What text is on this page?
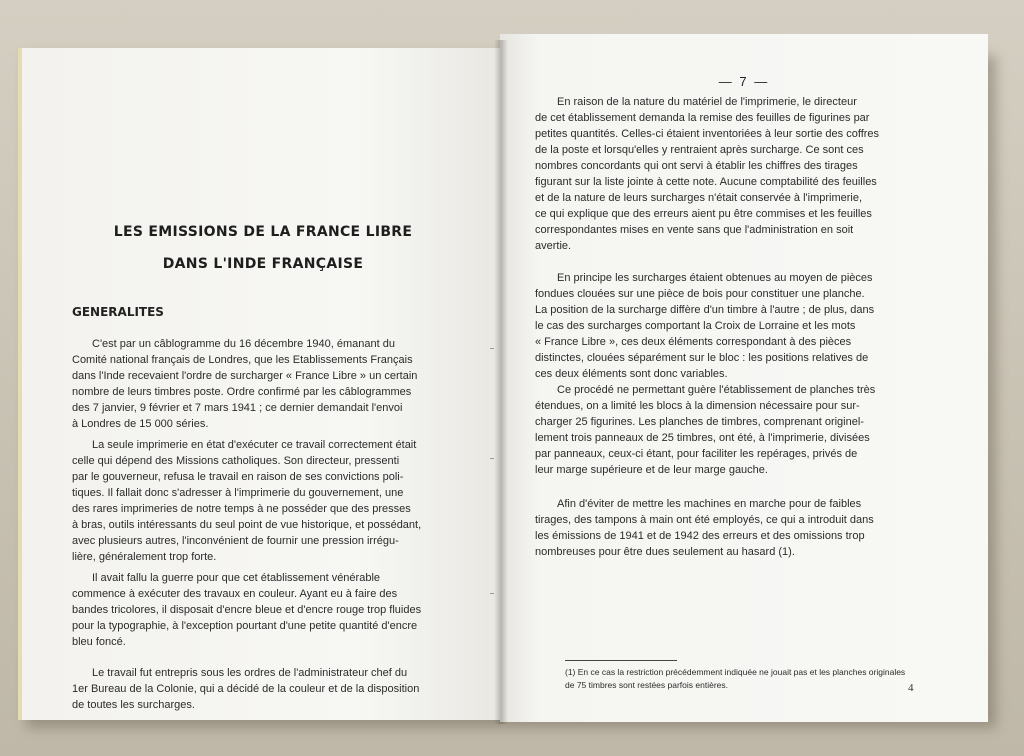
LES EMISSIONS DE LA FRANCE LIBRE
DANS L'INDE FRANÇAISE
GENERALITES

C'est par un câblogramme du 16 décembre 1940, émanant du
Comité national français de Londres, que les Etablissements Français
dans l'Inde recevaient l'ordre de surcharger « France Libre » un certain
nombre de leurs timbres poste. Ordre confirmé par les câblogrammes
des 7 janvier, 9 février et 7 mars 1941 ; ce dernier demandait l'envoi
à Londres de 15 000 séries.

La seule imprimerie en état d'exécuter ce travail correctement était
celle qui dépend des Missions catholiques. Son directeur, pressenti
par le gouverneur, refusa le travail en raison de ses convictions poli-
tiques. Il fallait donc s'adresser à l'imprimerie du gouvernement, une
des rares imprimeries de notre temps à ne posséder que des presses
à bras, outils intéressants du seul point de vue historique, et possédant,
avec plusieurs autres, l'inconvénient de fournir une pression irrégu-
lière, généralement trop forte.

Il avait fallu la guerre pour que cet établissement vénérable
commence à exécuter des travaux en couleur. Ayant eu à faire des
bandes tricolores, il disposait d'encre bleue et d'encre rouge trop fluides
pour la typographie, à l'exception pourtant d'une petite quantité d'encre
bleu foncé.

Le travail fut entrepris sous les ordres de l'administrateur chef du
1er Bureau de la Colonie, qui a décidé de la couleur et de la disposition
de toutes les surcharges.

— 7 —

En raison de la nature du matériel de l'imprimerie, le directeur
de cet établissement demanda la remise des feuilles de figurines par
petites quantités. Celles-ci étaient inventoriées à leur sortie des coffres
de la poste et lorsqu'elles y rentraient après surcharge. Ce sont ces
nombres concordants qui ont servi à établir les chiffres des tirages
figurant sur la liste jointe à cette note. Aucune comptabilité des feuilles
et de la nature de leurs surcharges n'était conservée à l'imprimerie,
ce qui explique que des erreurs aient pu être commises et les feuilles
correspondantes mises en vente sans que l'administration en soit
avertie.

En principe les surcharges étaient obtenues au moyen de pièces
fondues clouées sur une pièce de bois pour constituer une planche.
La position de la surcharge diffère d'un timbre à l'autre ; de plus, dans
le cas des surcharges comportant la Croix de Lorraine et les mots
« France Libre », ces deux éléments correspondant à des pièces
distinctes, clouées séparément sur le bloc : les positions relatives de
ces deux éléments sont donc variables.

Ce procédé ne permettant guère l'établissement de planches très
étendues, on a limité les blocs à la dimension nécessaire pour sur-
charger 25 figurines. Les planches de timbres, comprenant originel-
lement trois panneaux de 25 timbres, ont été, à l'imprimerie, divisées
par panneaux, ceux-ci étant, pour faciliter les repérages, privés de
leur marge supérieure et de leur marge gauche.

Afin d'éviter de mettre les machines en marche pour de faibles
tirages, des tampons à main ont été employés, ce qui a introduit dans
les émissions de 1941 et de 1942 des erreurs et des omissions trop
nombreuses pour être dues seulement au hasard (1).

(1) En ce cas la restriction précédemment indiquée ne jouait pas et les planches originales
de 75 timbres sont restées parfois entières.	4
